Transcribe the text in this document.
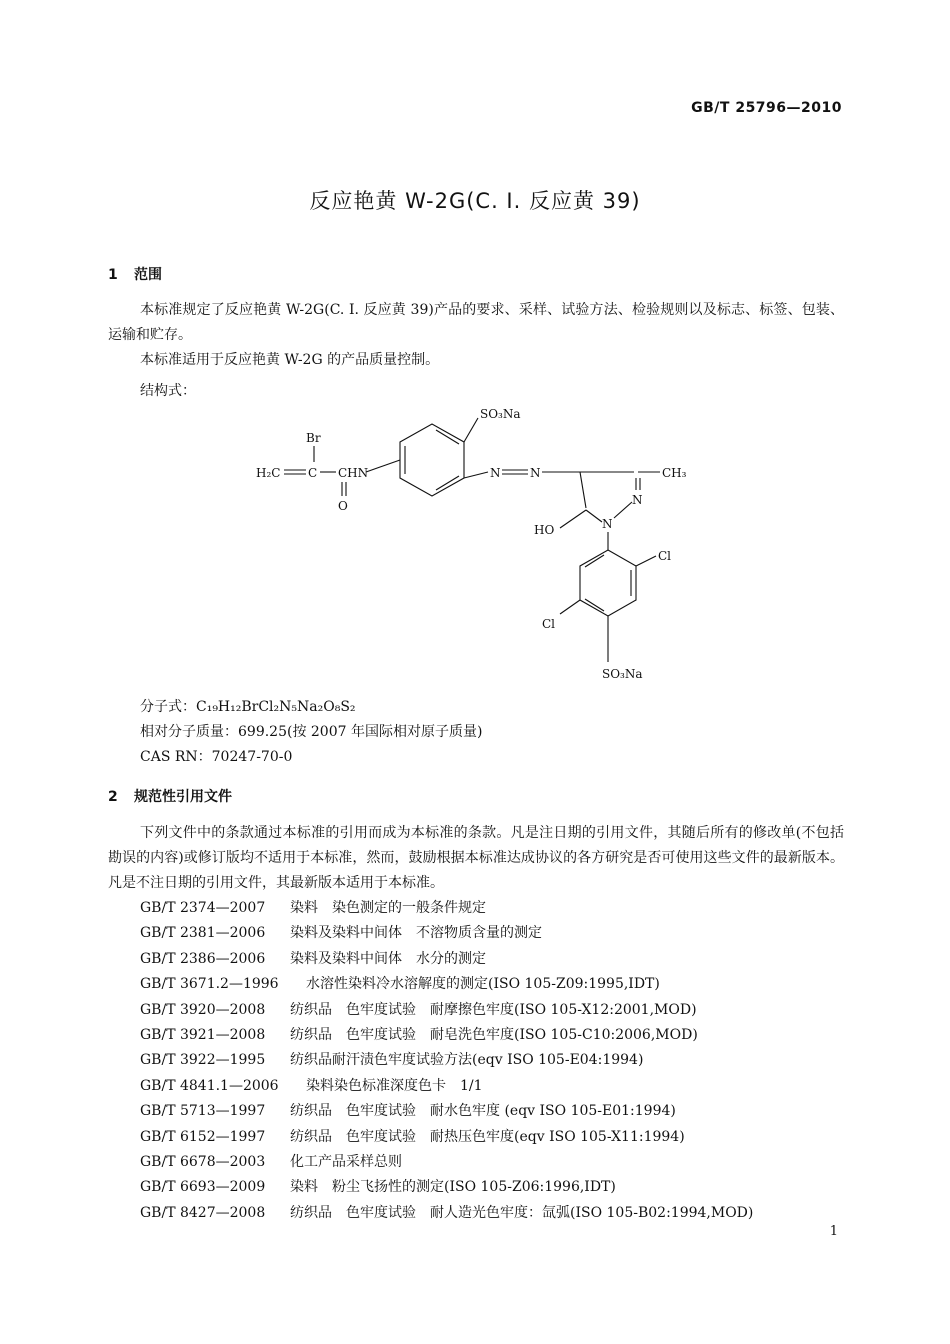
GB/T 25796—2010
反应艳黄 W-2G(C. I. 反应黄 39)
1 范围
本标准规定了反应艳黄 W-2G(C. I. 反应黄 39)产品的要求、采样、试验方法、检验规则以及标志、标签、包装、运输和贮存。
本标准适用于反应艳黄 W-2G 的产品质量控制。
结构式：
SO₃Na
H₂C C
Br
CHN
O
N N
N
N
CH₃
HO
Cl
Cl
SO₃Na
分子式：C₁₉H₁₂BrCl₂N₅Na₂O₈S₂
相对分子质量：699.25(按 2007 年国际相对原子质量)
CAS RN：70247-70-0
2 规范性引用文件
下列文件中的条款通过本标准的引用而成为本标准的条款。凡是注日期的引用文件，其随后所有的修改单(不包括勘误的内容)或修订版均不适用于本标准，然而，鼓励根据本标准达成协议的各方研究是否可使用这些文件的最新版本。凡是不注日期的引用文件，其最新版本适用于本标准。
GB/T 2374—2007 染料　染色测定的一般条件规定
GB/T 2381—2006 染料及染料中间体　不溶物质含量的测定
GB/T 2386—2006 染料及染料中间体　水分的测定
GB/T 3671.2—1996 水溶性染料冷水溶解度的测定(ISO 105-Z09:1995,IDT)
GB/T 3920—2008 纺织品　色牢度试验　耐摩擦色牢度(ISO 105-X12:2001,MOD)
GB/T 3921—2008 纺织品　色牢度试验　耐皂洗色牢度(ISO 105-C10:2006,MOD)
GB/T 3922—1995 纺织品耐汗渍色牢度试验方法(eqv ISO 105-E04:1994)
GB/T 4841.1—2006 染料染色标准深度色卡　1/1
GB/T 5713—1997 纺织品　色牢度试验　耐水色牢度 (eqv ISO 105-E01:1994)
GB/T 6152—1997 纺织品　色牢度试验　耐热压色牢度(eqv ISO 105-X11:1994)
GB/T 6678—2003 化工产品采样总则
GB/T 6693—2009 染料　粉尘飞扬性的测定(ISO 105-Z06:1996,IDT)
GB/T 8427—2008 纺织品　色牢度试验　耐人造光色牢度：氙弧(ISO 105-B02:1994,MOD)
1
